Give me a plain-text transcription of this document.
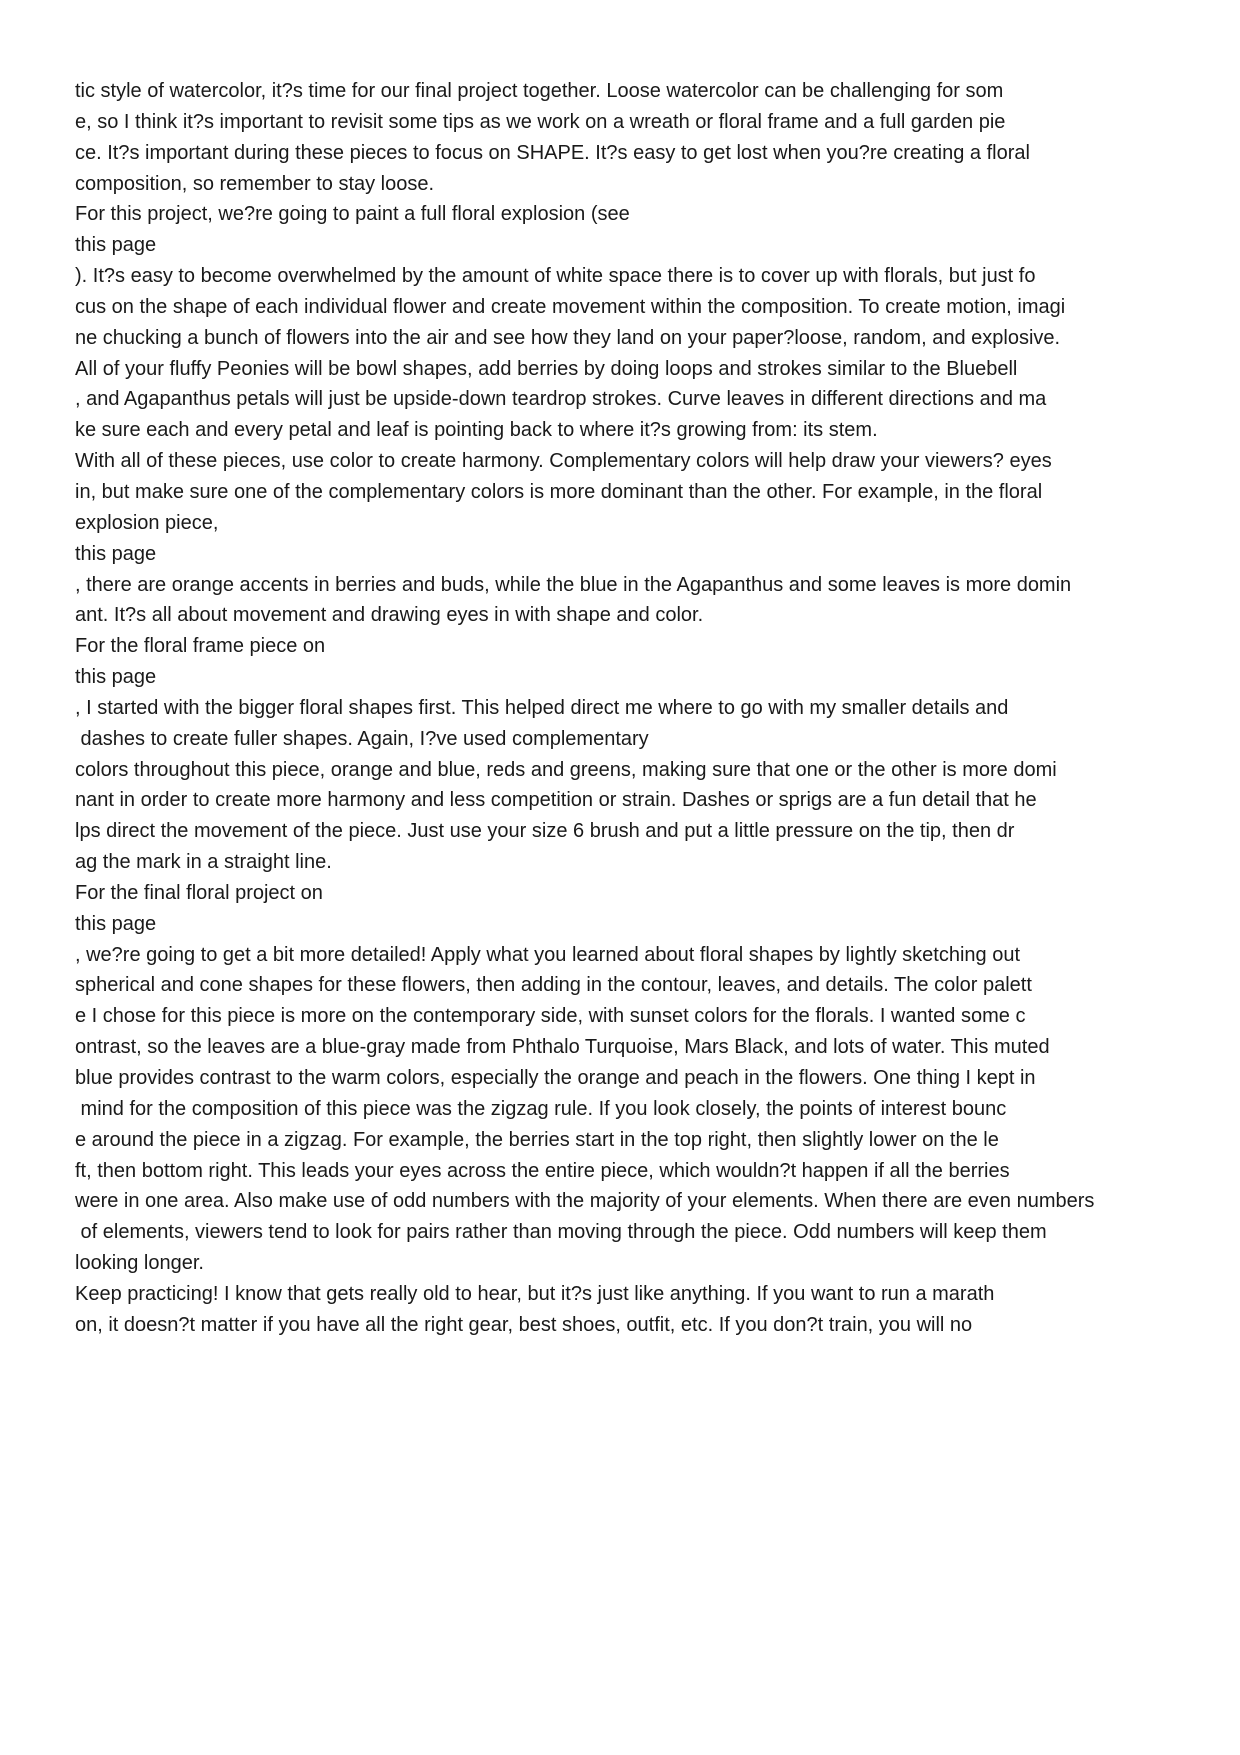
tic style of watercolor, it?s time for our final project together. Loose watercolor can be challenging for som
e, so I think it?s important to revisit some tips as we work on a wreath or floral frame and a full garden pie
ce. It?s important during these pieces to focus on SHAPE. It?s easy to get lost when you?re creating a floral
composition, so remember to stay loose.
For this project, we?re going to paint a full floral explosion (see
this page
). It?s easy to become overwhelmed by the amount of white space there is to cover up with florals, but just fo
cus on the shape of each individual flower and create movement within the composition. To create motion, imagi
ne chucking a bunch of flowers into the air and see how they land on your paper?loose, random, and explosive.
All of your fluffy Peonies will be bowl shapes, add berries by doing loops and strokes similar to the Bluebell
, and Agapanthus petals will just be upside-down teardrop strokes. Curve leaves in different directions and ma
ke sure each and every petal and leaf is pointing back to where it?s growing from: its stem.
With all of these pieces, use color to create harmony. Complementary colors will help draw your viewers? eyes
in, but make sure one of the complementary colors is more dominant than the other. For example, in the floral
explosion piece,
this page
, there are orange accents in berries and buds, while the blue in the Agapanthus and some leaves is more domin
ant. It?s all about movement and drawing eyes in with shape and color.
For the floral frame piece on
this page
, I started with the bigger floral shapes first. This helped direct me where to go with my smaller details and
dashes to create fuller shapes. Again, I?ve used complementary
colors throughout this piece, orange and blue, reds and greens, making sure that one or the other is more domi
nant in order to create more harmony and less competition or strain. Dashes or sprigs are a fun detail that he
lps direct the movement of the piece. Just use your size 6 brush and put a little pressure on the tip, then dr
ag the mark in a straight line.
For the final floral project on
this page
, we?re going to get a bit more detailed! Apply what you learned about floral shapes by lightly sketching out
spherical and cone shapes for these flowers, then adding in the contour, leaves, and details. The color palett
e I chose for this piece is more on the contemporary side, with sunset colors for the florals. I wanted some c
ontrast, so the leaves are a blue-gray made from Phthalo Turquoise, Mars Black, and lots of water. This muted
blue provides contrast to the warm colors, especially the orange and peach in the flowers. One thing I kept in
mind for the composition of this piece was the zigzag rule. If you look closely, the points of interest bounc
e around the piece in a zigzag. For example, the berries start in the top right, then slightly lower on the le
ft, then bottom right. This leads your eyes across the entire piece, which wouldn?t happen if all the berries
were in one area. Also make use of odd numbers with the majority of your elements. When there are even numbers
of elements, viewers tend to look for pairs rather than moving through the piece. Odd numbers will keep them
looking longer.
Keep practicing! I know that gets really old to hear, but it?s just like anything. If you want to run a marath
on, it doesn?t matter if you have all the right gear, best shoes, outfit, etc. If you don?t train, you will no
